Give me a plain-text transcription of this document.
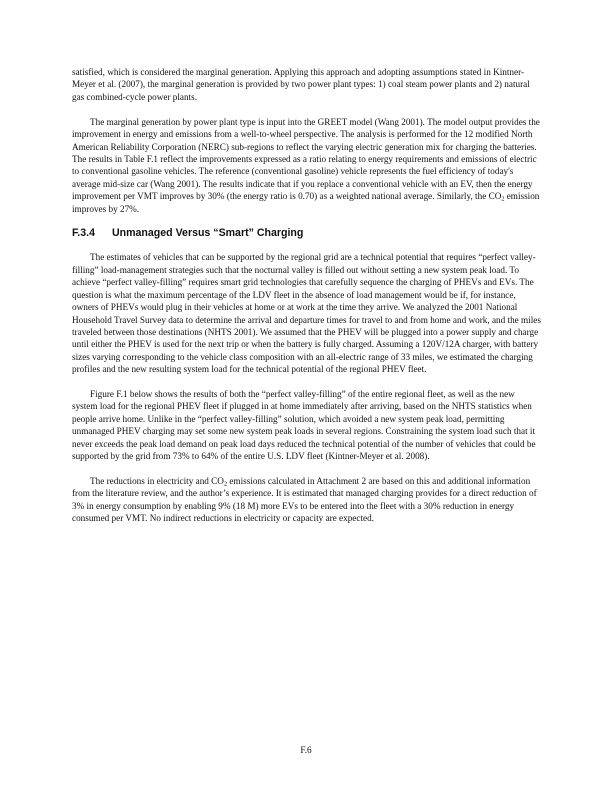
satisfied, which is considered the marginal generation. Applying this approach and adopting assumptions stated in Kintner-Meyer et al. (2007), the marginal generation is provided by two power plant types: 1) coal steam power plants and 2) natural gas combined-cycle power plants.

The marginal generation by power plant type is input into the GREET model (Wang 2001). The model output provides the improvement in energy and emissions from a well-to-wheel perspective. The analysis is performed for the 12 modified North American Reliability Corporation (NERC) sub-regions to reflect the varying electric generation mix for charging the batteries. The results in Table F.1 reflect the improvements expressed as a ratio relating to energy requirements and emissions of electric to conventional gasoline vehicles. The reference (conventional gasoline) vehicle represents the fuel efficiency of today's average mid-size car (Wang 2001). The results indicate that if you replace a conventional vehicle with an EV, then the energy improvement per VMT improves by 30% (the energy ratio is 0.70) as a weighted national average. Similarly, the $CO_2$ emission improves by 27%.

F.3.4 Unmanaged Versus “Smart” Charging

The estimates of vehicles that can be supported by the regional grid are a technical potential that requires “perfect valley-filling” load-management strategies such that the nocturnal valley is filled out without setting a new system peak load. To achieve “perfect valley-filling” requires smart grid technologies that carefully sequence the charging of PHEVs and EVs. The question is what the maximum percentage of the LDV fleet in the absence of load management would be if, for instance, owners of PHEVs would plug in their vehicles at home or at work at the time they arrive. We analyzed the 2001 National Household Travel Survey data to determine the arrival and departure times for travel to and from home and work, and the miles traveled between those destinations (NHTS 2001). We assumed that the PHEV will be plugged into a power supply and charge until either the PHEV is used for the next trip or when the battery is fully charged. Assuming a 120V/12A charger, with battery sizes varying corresponding to the vehicle class composition with an all-electric range of 33 miles, we estimated the charging profiles and the new resulting system load for the technical potential of the regional PHEV fleet.

Figure F.1 below shows the results of both the “perfect valley-filling” of the entire regional fleet, as well as the new system load for the regional PHEV fleet if plugged in at home immediately after arriving, based on the NHTS statistics when people arrive home. Unlike in the “perfect valley-filling” solution, which avoided a new system peak load, permitting unmanaged PHEV charging may set some new system peak loads in several regions. Constraining the system load such that it never exceeds the peak load demand on peak load days reduced the technical potential of the number of vehicles that could be supported by the grid from 73% to 64% of the entire U.S. LDV fleet (Kintner-Meyer et al. 2008).

The reductions in electricity and $CO_2$ emissions calculated in Attachment 2 are based on this and additional information from the literature review, and the author’s experience. It is estimated that managed charging provides for a direct reduction of 3% in energy consumption by enabling 9% (18 M) more EVs to be entered into the fleet with a 30% reduction in energy consumed per VMT. No indirect reductions in electricity or capacity are expected.

F.6
